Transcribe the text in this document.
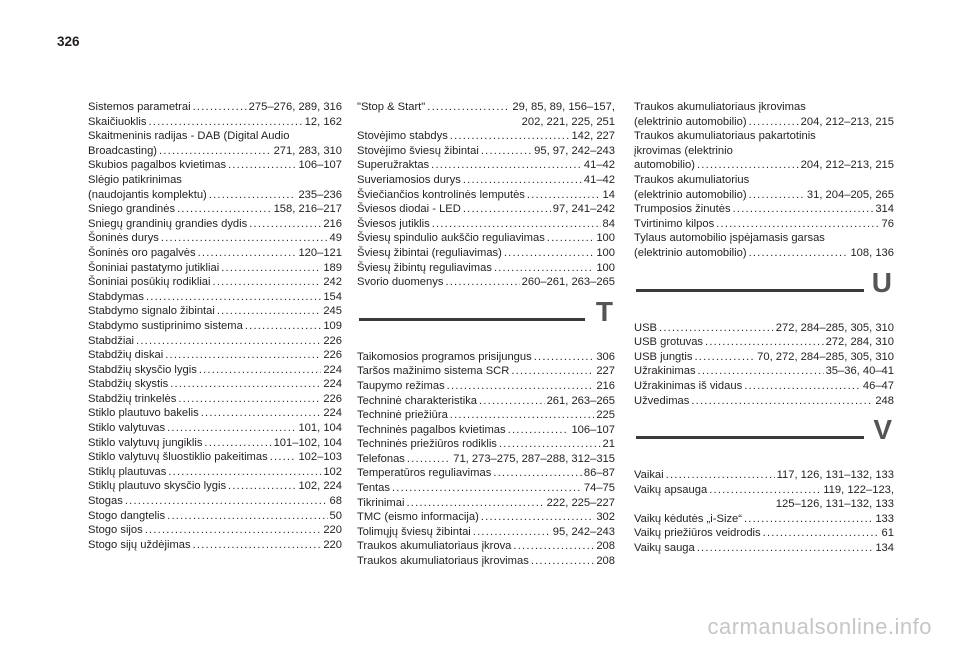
326
Sistemos parametrai .....	275–276, 289, 316
Skaičiuoklis .....	12, 162
Skaitmeninis radijas - DAB (Digital Audio
Broadcasting) .....	271, 283, 310
Skubios pagalbos kvietimas .....	106–107
Slėgio patikrinimas
(naudojantis komplektu) .....	235–236
Sniego grandinės .....	158, 216–217
Sniegų grandinių grandies dydis .....	216
Šoninės durys .....	49
Šoninės oro pagalvės .....	120–121
Šoniniai pastatymo jutikliai .....	189
Šoniniai posūkių rodikliai .....	242
Stabdymas .....	154
Stabdymo signalo žibintai .....	245
Stabdymo sustiprinimo sistema .....	109
Stabdžiai .....	226
Stabdžių diskai .....	226
Stabdžių skysčio lygis .....	224
Stabdžių skystis .....	224
Stabdžių trinkelės .....	226
Stiklo plautuvo bakelis .....	224
Stiklo valytuvas .....	101, 104
Stiklo valytuvų jungiklis .....	101–102, 104
Stiklo valytuvų šluostiklio pakeitimas .....	102–103
Stiklų plautuvas .....	102
Stiklų plautuvo skysčio lygis .....	102, 224
Stogas .....	68
Stogo dangtelis .....	50
Stogo sijos .....	220
Stogo sijų uždėjimas .....	220
"Stop & Start" .....	29, 85, 89, 156–157,
202, 221, 225, 251
Stovėjimo stabdys .....	142, 227
Stovėjimo šviesų žibintai .....	95, 97, 242–243
Superužraktas .....	41–42
Suveriamosios durys .....	41–42
Šviečiančios kontrolinės lemputės .....	14
Šviesos diodai - LED .....	97, 241–242
Šviesos jutiklis .....	84
Šviesų spindulio aukščio reguliavimas .....	100
Šviesų žibintai (reguliavimas) .....	100
Šviesų žibintų reguliavimas .....	100
Svorio duomenys .....	260–261, 263–265
T
Taikomosios programos prisijungus .....	306
Taršos mažinimo sistema SCR .....	227
Taupymo režimas .....	216
Techninė charakteristika .....	261, 263–265
Techninė priežiūra .....	225
Techninės pagalbos kvietimas .....	106–107
Techninės priežiūros rodiklis .....	21
Telefonas .....	71, 273–275, 287–288, 312–315
Temperatūros reguliavimas .....	86–87
Tentas .....	74–75
Tikrinimai .....	222, 225–227
TMC (eismo informacija) .....	302
Tolimųjų šviesų žibintai .....	95, 242–243
Traukos akumuliatoriaus įkrova .....	208
Traukos akumuliatoriaus įkrovimas .....	208
Traukos akumuliatoriaus įkrovimas
(elektrinio automobilio) .....	204, 212–213, 215
Traukos akumuliatoriaus pakartotinis
įkrovimas (elektrinio
automobilio) .....	204, 212–213, 215
Traukos akumuliatorius
(elektrinio automobilio) .....	31, 204–205, 265
Trumposios žinutės .....	314
Tvirtinimo kilpos .....	76
Tylaus automobilio įspėjamasis garsas
(elektrinio automobilio) .....	108, 136
U
USB .....	272, 284–285, 305, 310
USB grotuvas .....	272, 284, 310
USB jungtis .....	70, 272, 284–285, 305, 310
Užrakinimas .....	35–36, 40–41
Užrakinimas iš vidaus .....	46–47
Užvedimas .....	248
V
Vaikai .....	117, 126, 131–132, 133
Vaikų apsauga .....	119, 122–123,
125–126, 131–132, 133
Vaikų kėdutės „i-Size“ .....	133
Vaikų priežiūros veidrodis .....	61
Vaikų sauga .....	134
carmanualsonline.info
